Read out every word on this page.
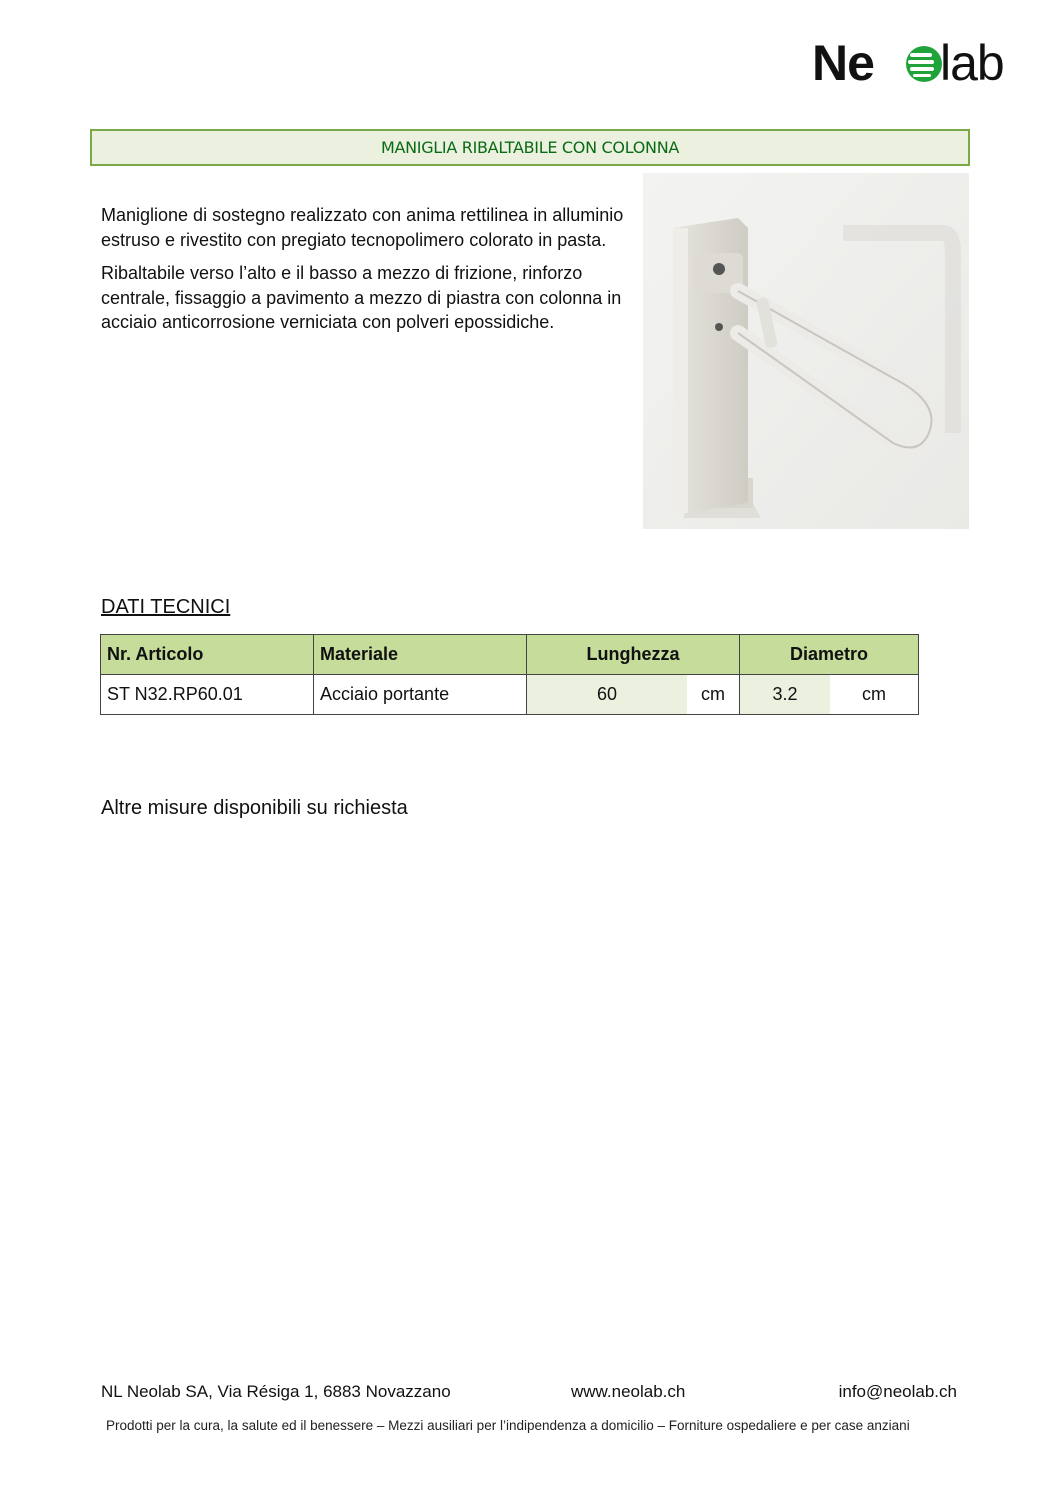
Ne lab
MANIGLIA RIBALTABILE CON COLONNA

Maniglione di sostegno realizzato con anima rettilinea in alluminio estruso e rivestito con pregiato tecnopolimero colorato in pasta.

Ribaltabile verso l’alto e il basso a mezzo di frizione, rinforzo centrale, fissaggio a pavimento a mezzo di piastra con colonna in acciaio anticorrosione verniciata con polveri epossidiche.

DATI TECNICI
Nr. Articolo	Materiale	Lunghezza	Diametro
ST N32.RP60.01	Acciaio portante	60 cm	3.2 cm
Altre misure disponibili su richiesta
NL Neolab SA, Via Résiga 1, 6883 Novazzano	www.neolab.ch	info@neolab.ch
Prodotti per la cura, la salute ed il benessere – Mezzi ausiliari per l’indipendenza a domicilio – Forniture ospedaliere e per case anziani
